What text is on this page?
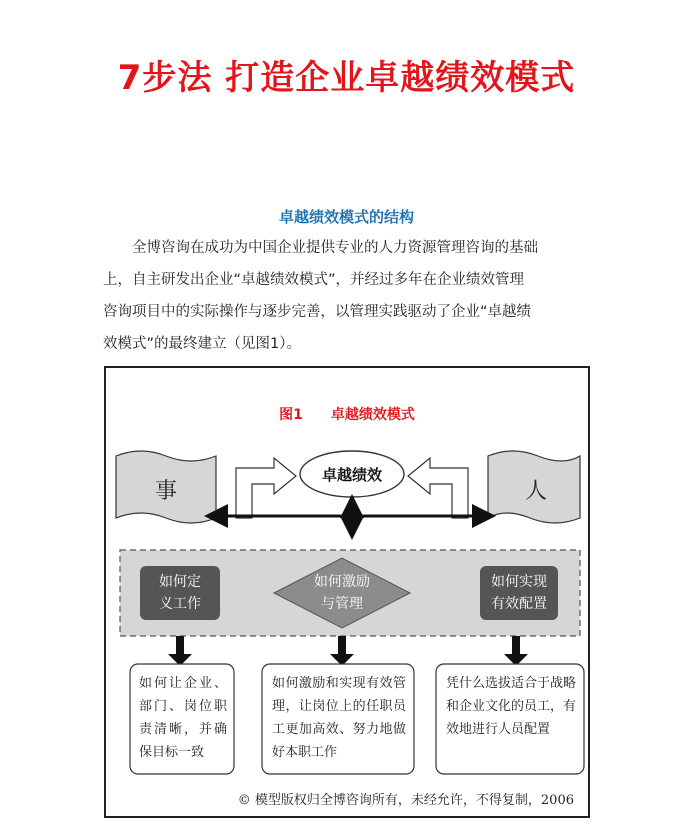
7步法 打造企业卓越绩效模式
卓越绩效模式的结构
　　全博咨询在成功为中国企业提供专业的人力资源管理咨询的基础
上，自主研发出企业“卓越绩效模式”，并经过多年在企业绩效管理
咨询项目中的实际操作与逐步完善，以管理实践驱动了企业“卓越绩
效模式”的最终建立（见图1）。
图1　　卓越绩效模式
事	人
卓越绩效
如何定
义工作
如何激励
与管理
如何实现
有效配置
如何让企业、部门、岗位职责清晰，并确保目标一致
如何激励和实现有效管理，让岗位上的任职员工更加高效、努力地做好本职工作
凭什么选拔适合于战略和企业文化的员工，有效地进行人员配置
© 模型版权归全博咨询所有，未经允许，不得复制，2006
